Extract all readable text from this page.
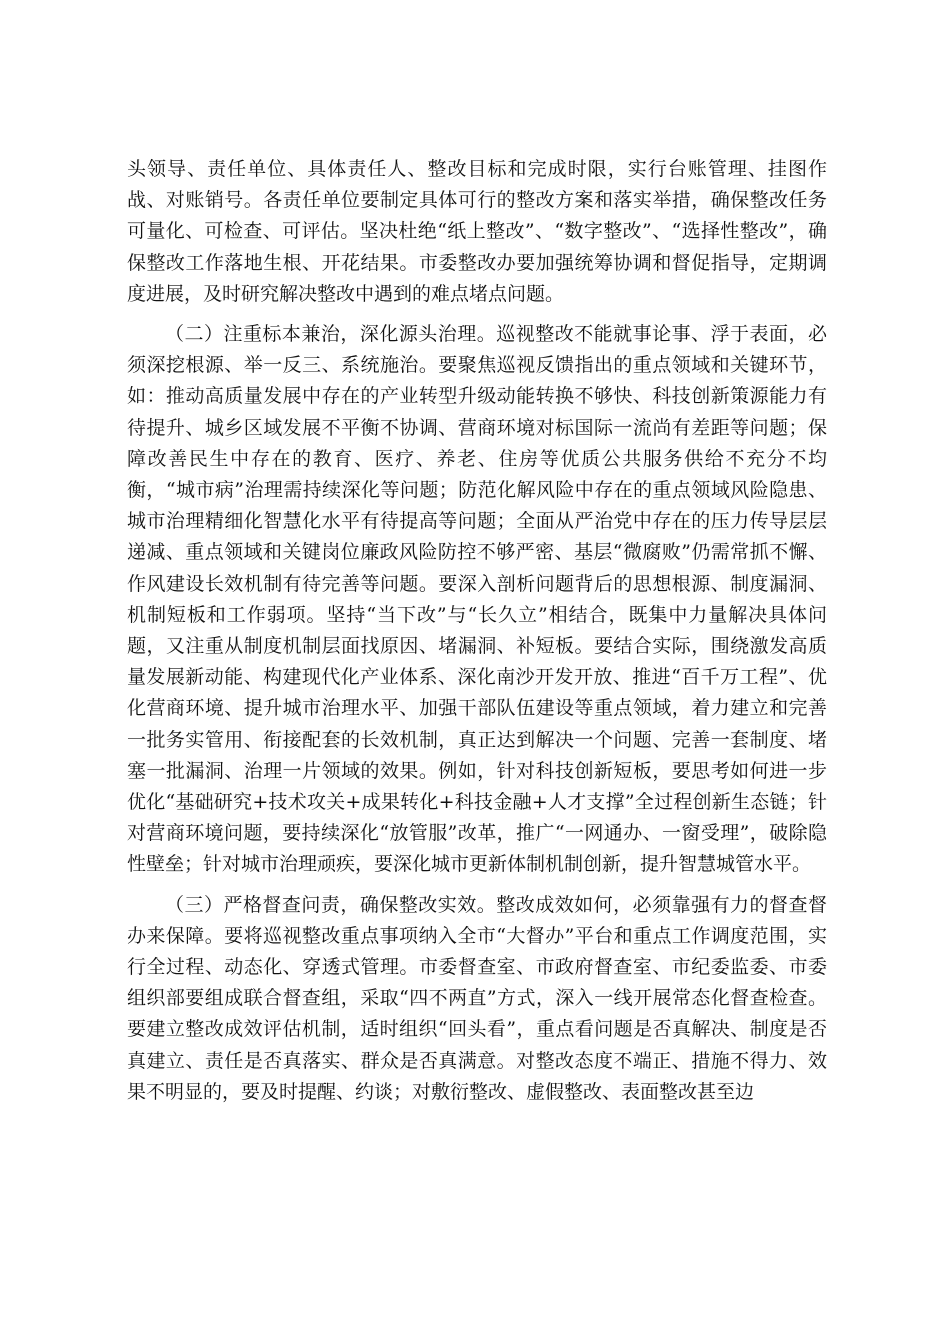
头领导、责任单位、具体责任人、整改目标和完成时限，实行台账管理、挂图作战、对账销号。各责任单位要制定具体可行的整改方案和落实举措，确保整改任务可量化、可检查、可评估。坚决杜绝“纸上整改”、“数字整改”、“选择性整改”，确保整改工作落地生根、开花结果。市委整改办要加强统筹协调和督促指导，定期调度进展，及时研究解决整改中遇到的难点堵点问题。

（二）注重标本兼治，深化源头治理。巡视整改不能就事论事、浮于表面，必须深挖根源、举一反三、系统施治。要聚焦巡视反馈指出的重点领域和关键环节，如：推动高质量发展中存在的产业转型升级动能转换不够快、科技创新策源能力有待提升、城乡区域发展不平衡不协调、营商环境对标国际一流尚有差距等问题；保障改善民生中存在的教育、医疗、养老、住房等优质公共服务供给不充分不均衡，“城市病”治理需持续深化等问题；防范化解风险中存在的重点领域风险隐患、城市治理精细化智慧化水平有待提高等问题；全面从严治党中存在的压力传导层层递减、重点领域和关键岗位廉政风险防控不够严密、基层“微腐败”仍需常抓不懈、作风建设长效机制有待完善等问题。要深入剖析问题背后的思想根源、制度漏洞、机制短板和工作弱项。坚持“当下改”与“长久立”相结合，既集中力量解决具体问题，又注重从制度机制层面找原因、堵漏洞、补短板。要结合实际，围绕激发高质量发展新动能、构建现代化产业体系、深化南沙开发开放、推进“百千万工程”、优化营商环境、提升城市治理水平、加强干部队伍建设等重点领域，着力建立和完善一批务实管用、衔接配套的长效机制，真正达到解决一个问题、完善一套制度、堵塞一批漏洞、治理一片领域的效果。例如，针对科技创新短板，要思考如何进一步优化“基础研究+技术攻关+成果转化+科技金融+人才支撑”全过程创新生态链；针对营商环境问题，要持续深化“放管服”改革，推广“一网通办、一窗受理”，破除隐性壁垒；针对城市治理顽疾，要深化城市更新体制机制创新，提升智慧城管水平。

（三）严格督查问责，确保整改实效。整改成效如何，必须靠强有力的督查督办来保障。要将巡视整改重点事项纳入全市“大督办”平台和重点工作调度范围，实行全过程、动态化、穿透式管理。市委督查室、市政府督查室、市纪委监委、市委组织部要组成联合督查组，采取“四不两直”方式，深入一线开展常态化督查检查。要建立整改成效评估机制，适时组织“回头看”，重点看问题是否真解决、制度是否真建立、责任是否真落实、群众是否真满意。对整改态度不端正、措施不得力、效果不明显的，要及时提醒、约谈；对敷衍整改、虚假整改、表面整改甚至边
